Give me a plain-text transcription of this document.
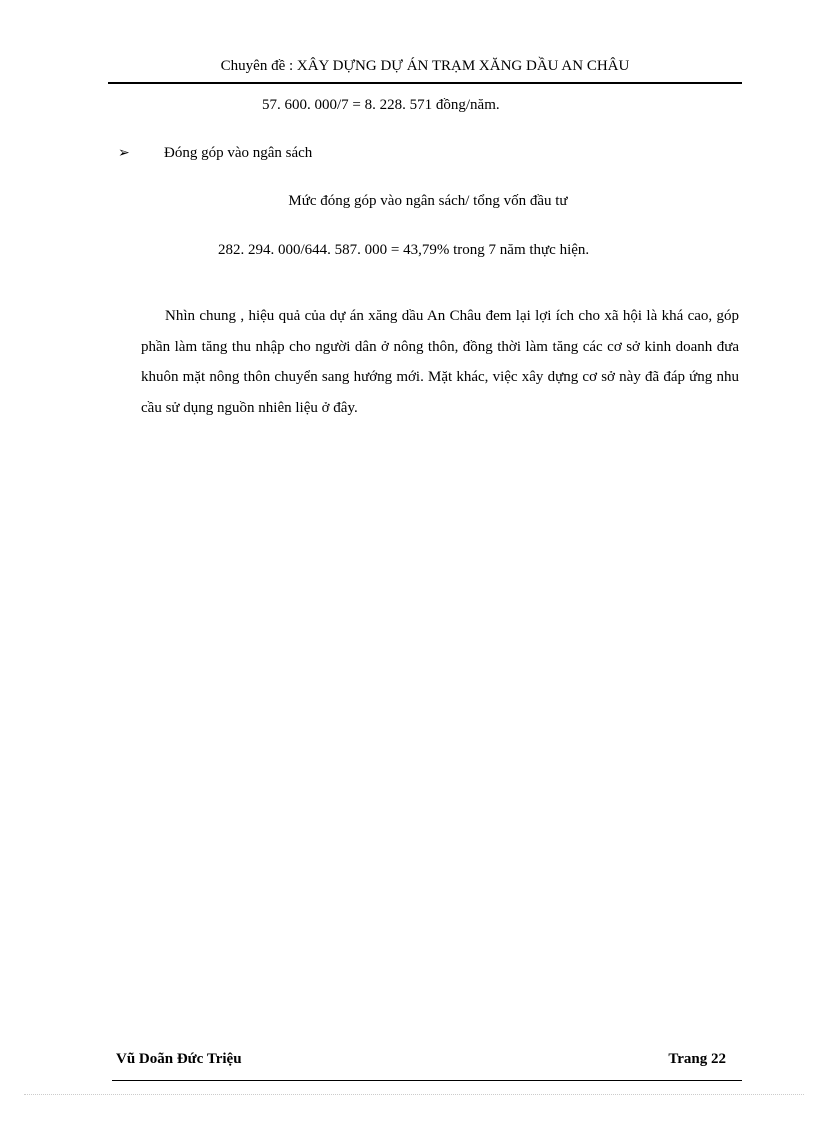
Chuyên đề : XÂY DỰNG DỰ ÁN TRẠM XĂNG DẦU AN CHÂU
57. 600. 000/7 = 8. 228. 571 đồng/năm.
➢ Đóng góp vào ngân sách
Mức đóng góp vào ngân sách/ tổng vốn đầu tư
282. 294. 000/644. 587. 000 = 43,79% trong 7 năm thực hiện.

Nhìn chung , hiệu quả của dự án xăng dầu An Châu đem lại lợi ích cho xã hội là khá cao, góp phần làm tăng thu nhập cho người dân ở nông thôn, đồng thời làm tăng các cơ sở kinh doanh đưa khuôn mặt nông thôn chuyển sang hướng mới. Mặt khác, việc xây dựng cơ sở này đã đáp ứng nhu cầu sử dụng nguồn nhiên liệu ở đây.

Vũ Doãn Đức Triệu	Trang 22
